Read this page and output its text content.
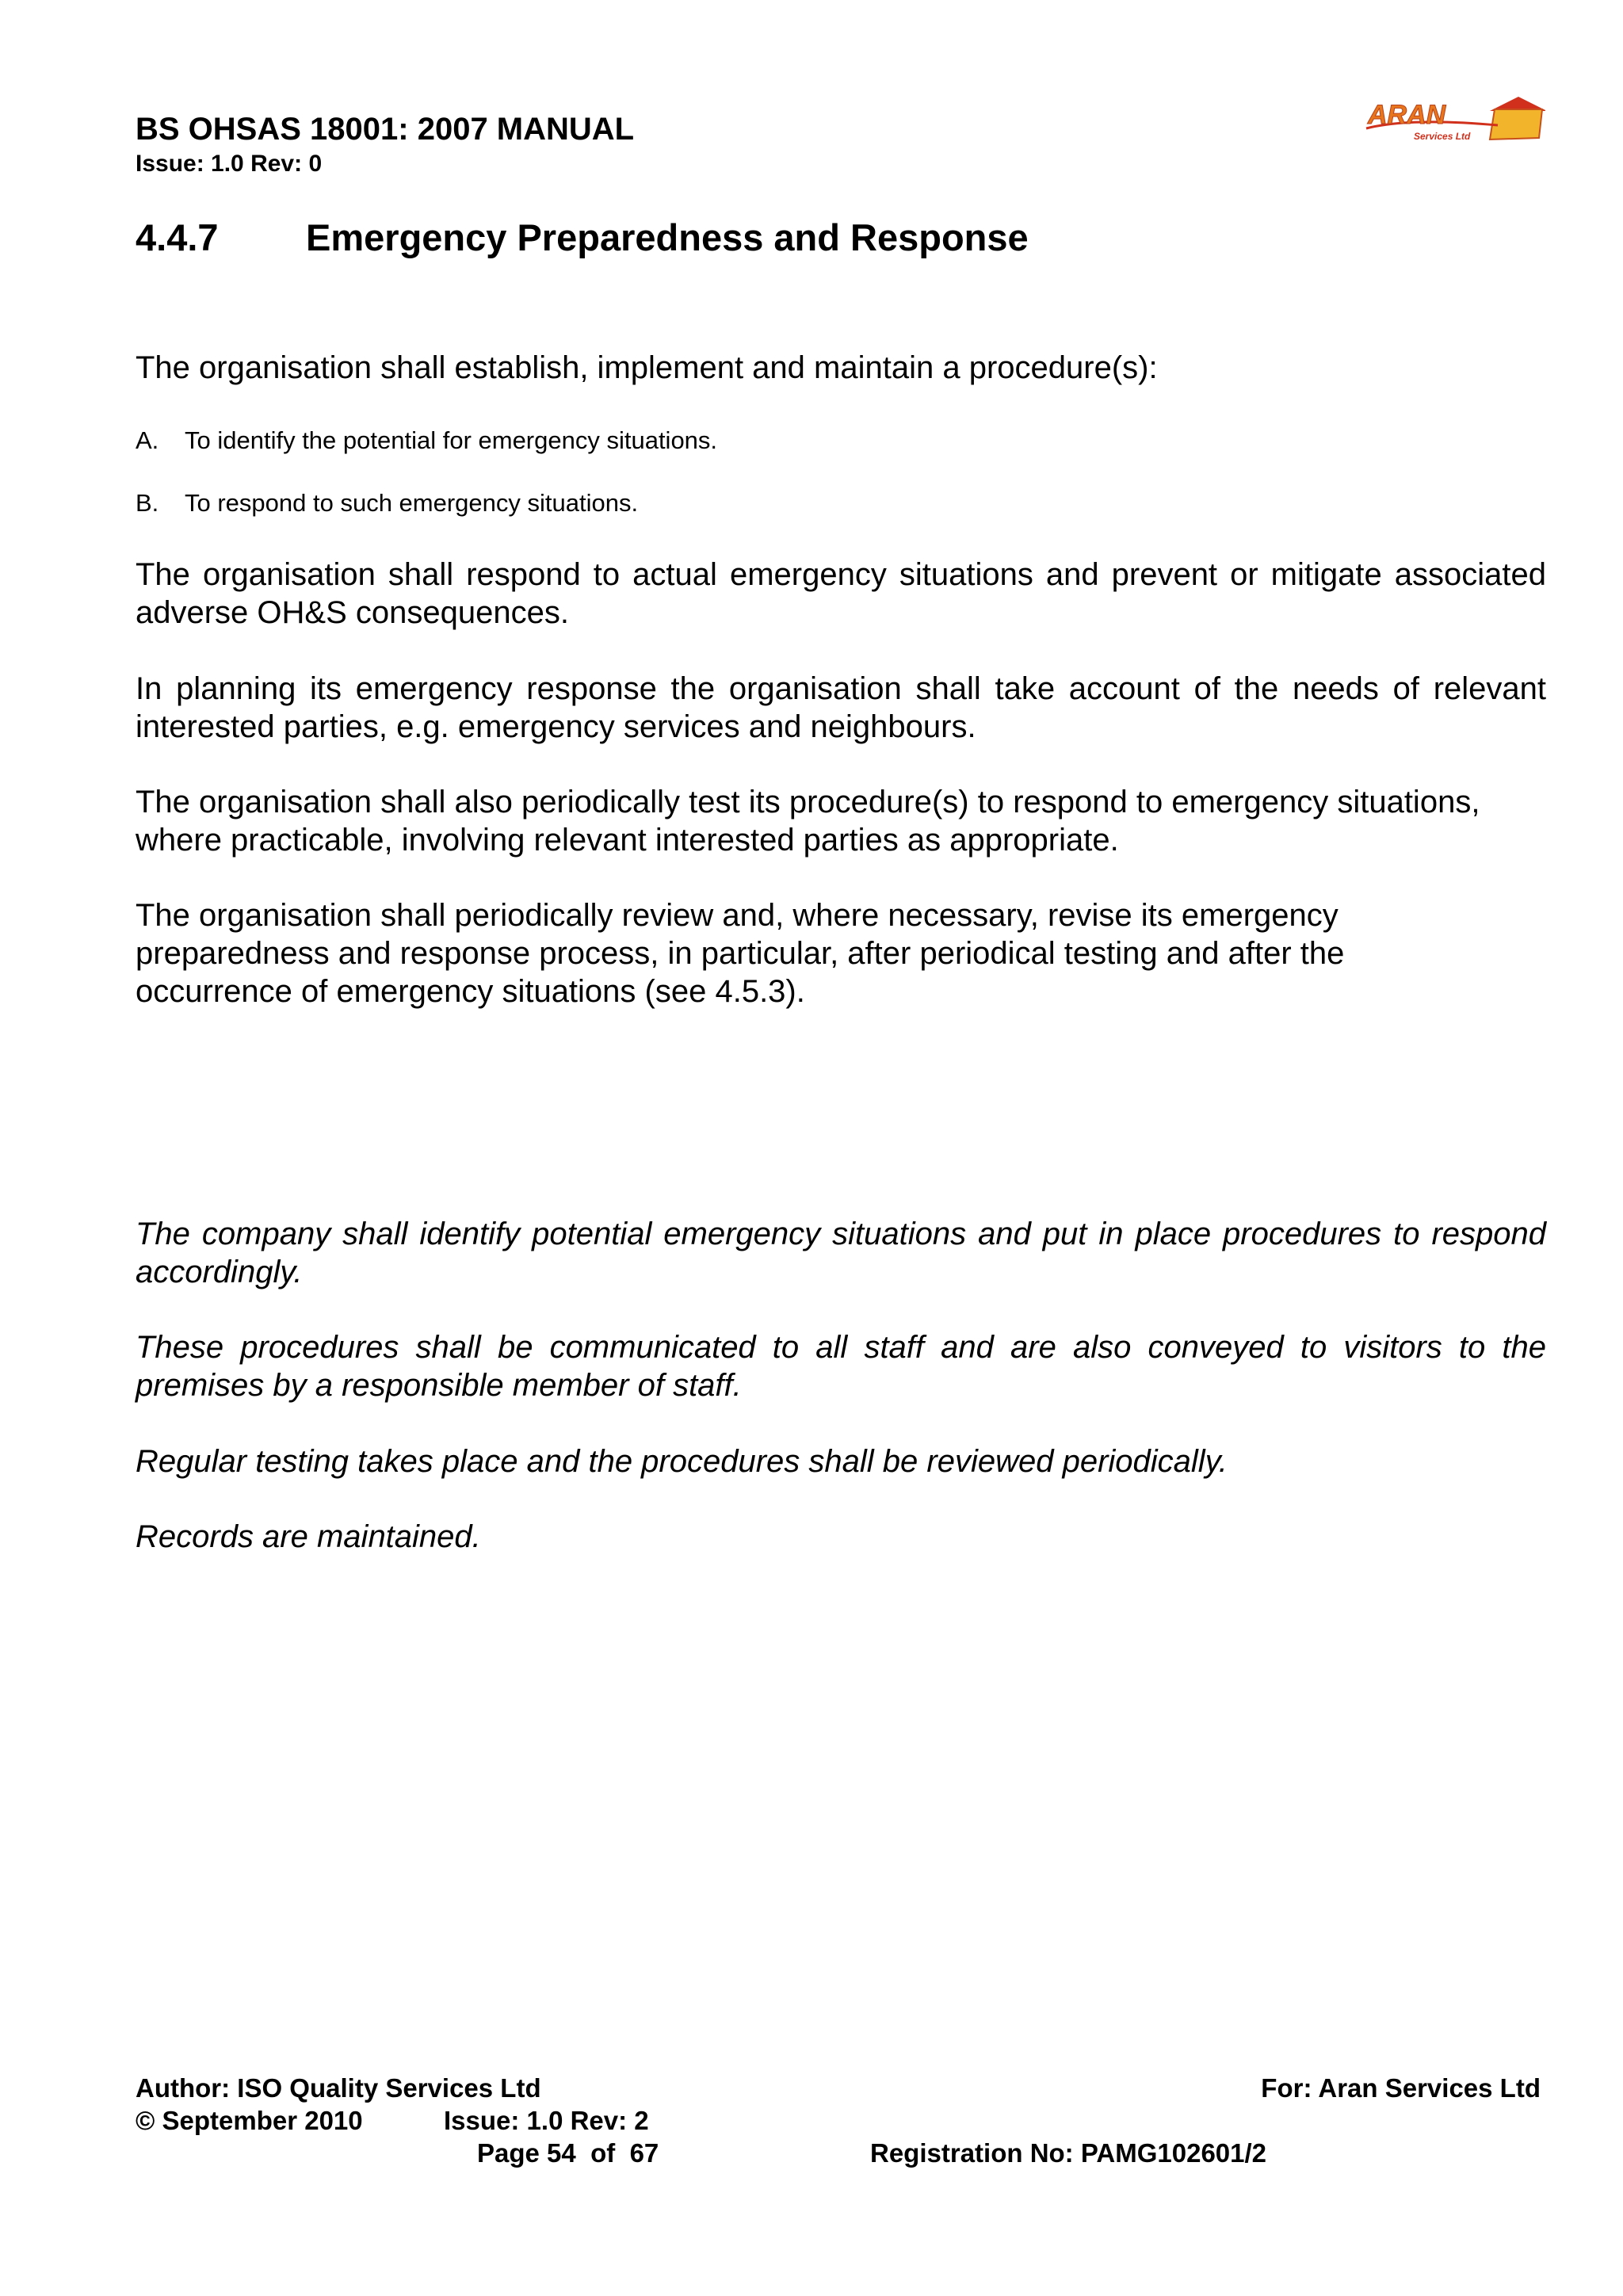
BS OHSAS 18001: 2007 MANUAL
Issue: 1.0 Rev: 0
ARAN
Services Ltd
4.4.7 Emergency Preparedness and Response
The organisation shall establish, implement and maintain a procedure(s):
A. To identify the potential for emergency situations.
B. To respond to such emergency situations.
The organisation shall respond to actual emergency situations and prevent or mitigate associated adverse OH&S consequences.
In planning its emergency response the organisation shall take account of the needs of relevant interested parties, e.g. emergency services and neighbours.
The organisation shall also periodically test its procedure(s) to respond to emergency situations, where practicable, involving relevant interested parties as appropriate.
The organisation shall periodically review and, where necessary, revise its emergency preparedness and response process, in particular, after periodical testing and after the occurrence of emergency situations (see 4.5.3).
The company shall identify potential emergency situations and put in place procedures to respond accordingly.
These procedures shall be communicated to all staff and are also conveyed to visitors to the premises by a responsible member of staff.
Regular testing takes place and the procedures shall be reviewed periodically.
Records are maintained.
Author: ISO Quality Services Ltd	For: Aran Services Ltd
© September 2010	Issue: 1.0 Rev: 2
Page 54  of  67	Registration No: PAMG102601/2
